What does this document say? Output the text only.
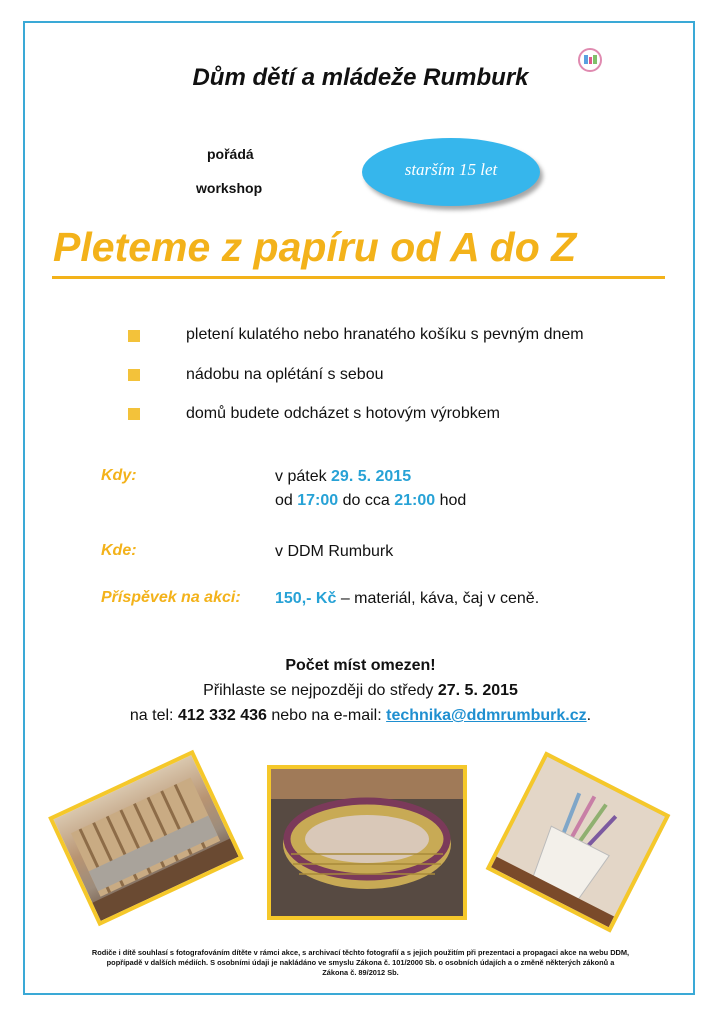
Dům dětí a mládeže Rumburk
pořádá
workshop
starším 15 let
Pleteme z papíru od A do Z
pletení kulatého nebo hranatého košíku s pevným dnem
nádobu na oplétání s sebou
domů budete odcházet s hotovým výrobkem
Kdy:	v pátek 29. 5. 2015
od 17:00 do cca 21:00 hod
Kde:	v DDM Rumburk
Příspěvek na akci: 150,- Kč – materiál, káva, čaj v ceně.
Počet míst omezen!
Přihlaste se nejpozději do středy 27. 5. 2015
na tel: 412 332 436 nebo na e-mail: technika@ddmrumburk.cz.
Rodiče i dítě souhlasí s fotografováním dítěte v rámci akce, s archivací těchto fotografií a s jejich použitím při prezentaci a propagaci akce na webu DDM,
popřípadě v dalších médiích. S osobními údaji je nakládáno ve smyslu Zákona č. 101/2000 Sb. o osobních údajích a o změně některých zákonů a
Zákona č. 89/2012 Sb.
